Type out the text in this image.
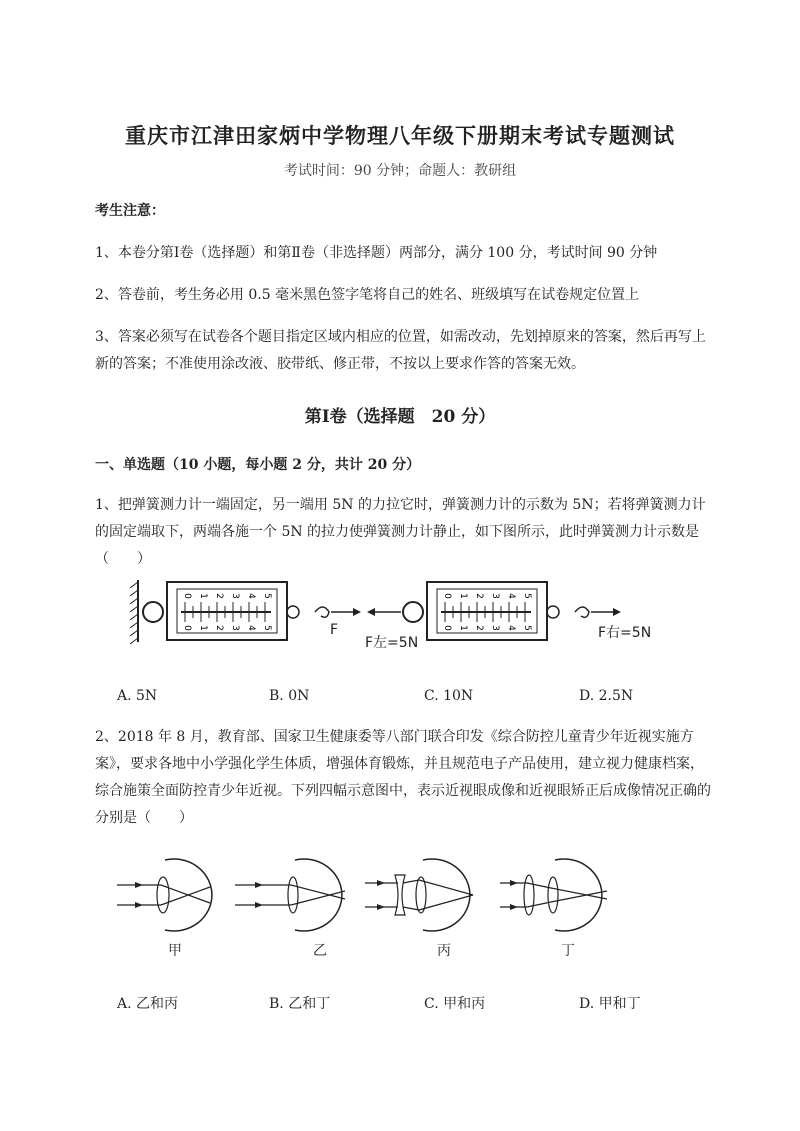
重庆市江津田家炳中学物理八年级下册期末考试专题测试
考试时间：90 分钟；命题人：教研组
考生注意：
1、本卷分第Ⅰ卷（选择题）和第Ⅱ卷（非选择题）两部分，满分 100 分，考试时间 90 分钟
2、答卷前，考生务必用 0.5 毫米黑色签字笔将自己的姓名、班级填写在试卷规定位置上
3、答案必须写在试卷各个题目指定区域内相应的位置，如需改动，先划掉原来的答案，然后再写上新的答案；不准使用涂改液、胶带纸、修正带，不按以上要求作答的答案无效。
第Ⅰ卷（选择题　20 分）
一、单选题（10 小题，每小题 2 分，共计 20 分）
1、把弹簧测力计一端固定，另一端用 5N 的力拉它时，弹簧测力计的示数为 5N；若将弹簧测力计的固定端取下，两端各施一个 5N 的拉力使弹簧测力计静止，如下图所示，此时弹簧测力计示数是（　　）
0
0
1
1
2
2
3
3
4
4
5
5
0
0
1
1
2
2
3
3
4
4
5
5
F
F左=5N
F右=5N
A. 5N	B. 0N	C. 10N	D. 2.5N
2、2018 年 8 月，教育部、国家卫生健康委等八部门联合印发《综合防控儿童青少年近视实施方案》，要求各地中小学强化学生体质，增强体育锻炼，并且规范电子产品使用，建立视力健康档案，综合施策全面防控青少年近视。下列四幅示意图中，表示近视眼成像和近视眼矫正后成像情况正确的分别是（　　）
甲	乙	丙	丁
A. 乙和丙	B. 乙和丁	C. 甲和丙	D. 甲和丁
